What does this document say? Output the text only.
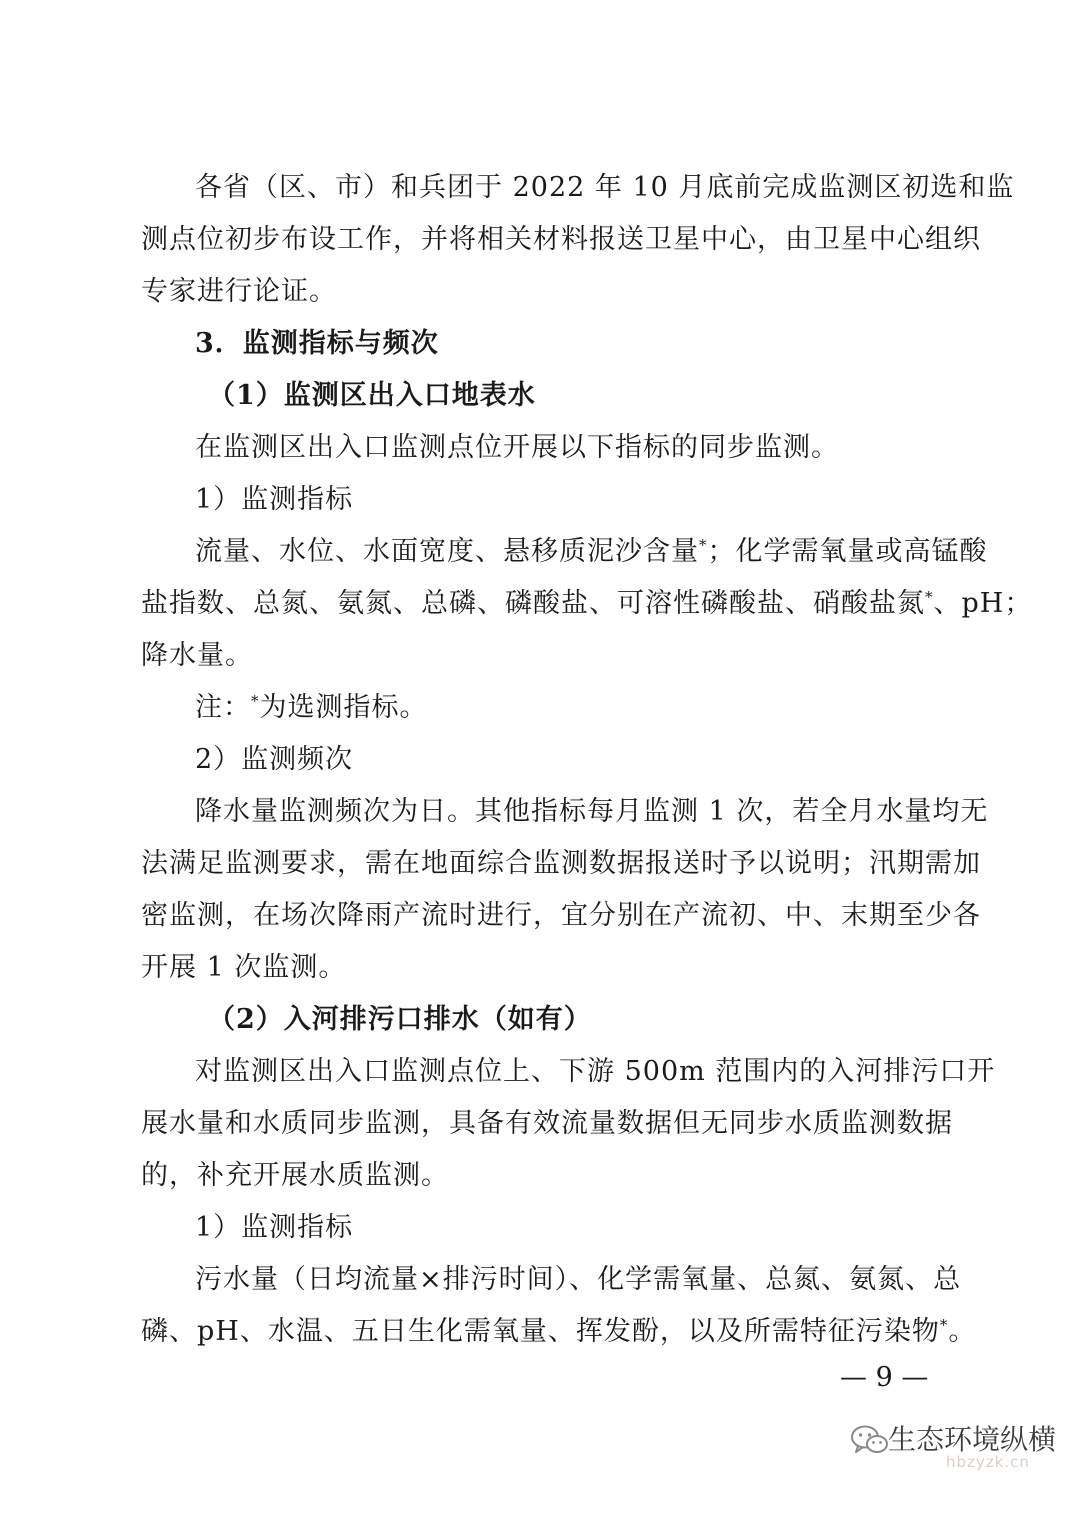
各省（区、市）和兵团于 2022 年 10 月底前完成监测区初选和监
测点位初步布设工作，并将相关材料报送卫星中心，由卫星中心组织
专家进行论证。
3．监测指标与频次
（1）监测区出入口地表水
在监测区出入口监测点位开展以下指标的同步监测。
1）监测指标
流量、水位、水面宽度、悬移质泥沙含量*；化学需氧量或高锰酸
盐指数、总氮、氨氮、总磷、磷酸盐、可溶性磷酸盐、硝酸盐氮*、pH；
降水量。
注：*为选测指标。
2）监测频次
降水量监测频次为日。其他指标每月监测 1 次，若全月水量均无
法满足监测要求，需在地面综合监测数据报送时予以说明；汛期需加
密监测，在场次降雨产流时进行，宜分别在产流初、中、末期至少各
开展 1 次监测。
（2）入河排污口排水（如有）
对监测区出入口监测点位上、下游 500m 范围内的入河排污口开
展水量和水质同步监测，具备有效流量数据但无同步水质监测数据
的，补充开展水质监测。
1）监测指标
污水量（日均流量×排污时间）、化学需氧量、总氮、氨氮、总
磷、pH、水温、五日生化需氧量、挥发酚，以及所需特征污染物*。
— 9 —
生态环境纵横
hbzyzk.cn
